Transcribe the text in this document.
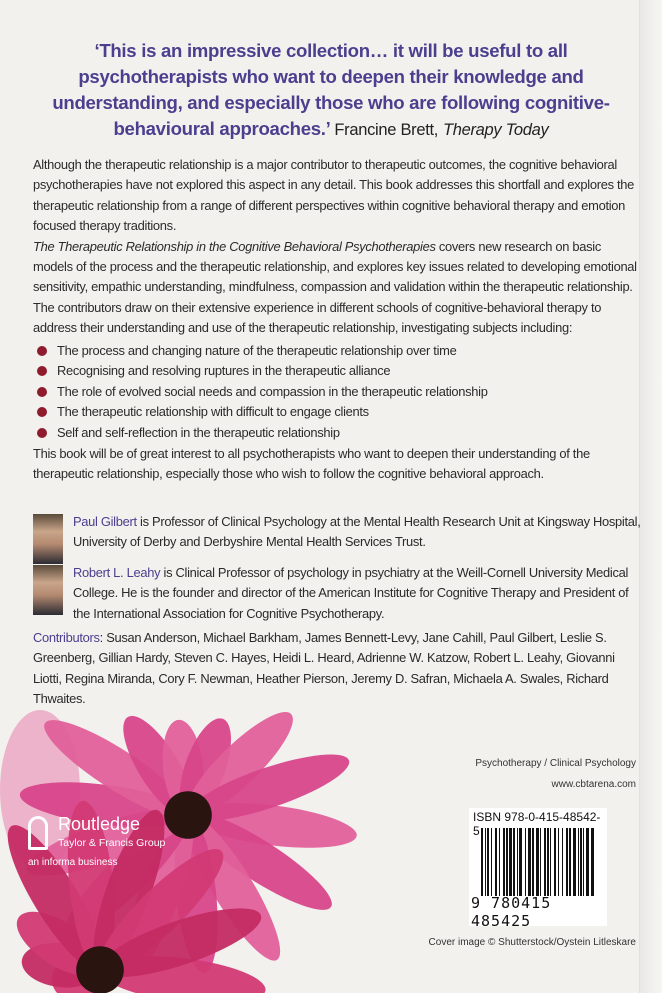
‘This is an impressive collection… it will be useful to all psychotherapists who want to deepen their knowledge and understanding, and especially those who are following cognitive-behavioural approaches.’ Francine Brett, Therapy Today

Although the therapeutic relationship is a major contributor to therapeutic outcomes, the cognitive behavioral psychotherapies have not explored this aspect in any detail. This book addresses this shortfall and explores the therapeutic relationship from a range of different perspectives within cognitive behavioral therapy and emotion focused therapy traditions.

The Therapeutic Relationship in the Cognitive Behavioral Psychotherapies covers new research on basic models of the process and the therapeutic relationship, and explores key issues related to developing emotional sensitivity, empathic understanding, mindfulness, compassion and validation within the therapeutic relationship. The contributors draw on their extensive experience in different schools of cognitive-behavioral therapy to address their understanding and use of the therapeutic relationship, investigating subjects including:

The process and changing nature of the therapeutic relationship over time
Recognising and resolving ruptures in the therapeutic alliance
The role of evolved social needs and compassion in the therapeutic relationship
The therapeutic relationship with difficult to engage clients
Self and self-reflection in the therapeutic relationship

This book will be of great interest to all psychotherapists who want to deepen their understanding of the therapeutic relationship, especially those who wish to follow the cognitive behavioral approach.

Paul Gilbert is Professor of Clinical Psychology at the Mental Health Research Unit at Kingsway Hospital, University of Derby and Derbyshire Mental Health Services Trust.
Robert L. Leahy is Clinical Professor of psychology in psychiatry at the Weill-Cornell University Medical College. He is the founder and director of the American Institute for Cognitive Therapy and President of the International Association for Cognitive Psychotherapy.
Contributors: Susan Anderson, Michael Barkham, James Bennett-Levy, Jane Cahill, Paul Gilbert, Leslie S. Greenberg, Gillian Hardy, Steven C. Hayes, Heidi L. Heard, Adrienne W. Katzow, Robert L. Leahy, Giovanni Liotti, Regina Miranda, Cory F. Newman, Heather Pierson, Jeremy D. Safran, Michaela A. Swales, Richard Thwaites.
Routledge
Taylor & Francis Group
an informa business
Psychotherapy / Clinical Psychology
www.cbtarena.com
ISBN 978-0-415-48542-5
9 780415 485425
Cover image © Shutterstock/Oystein Litleskare
